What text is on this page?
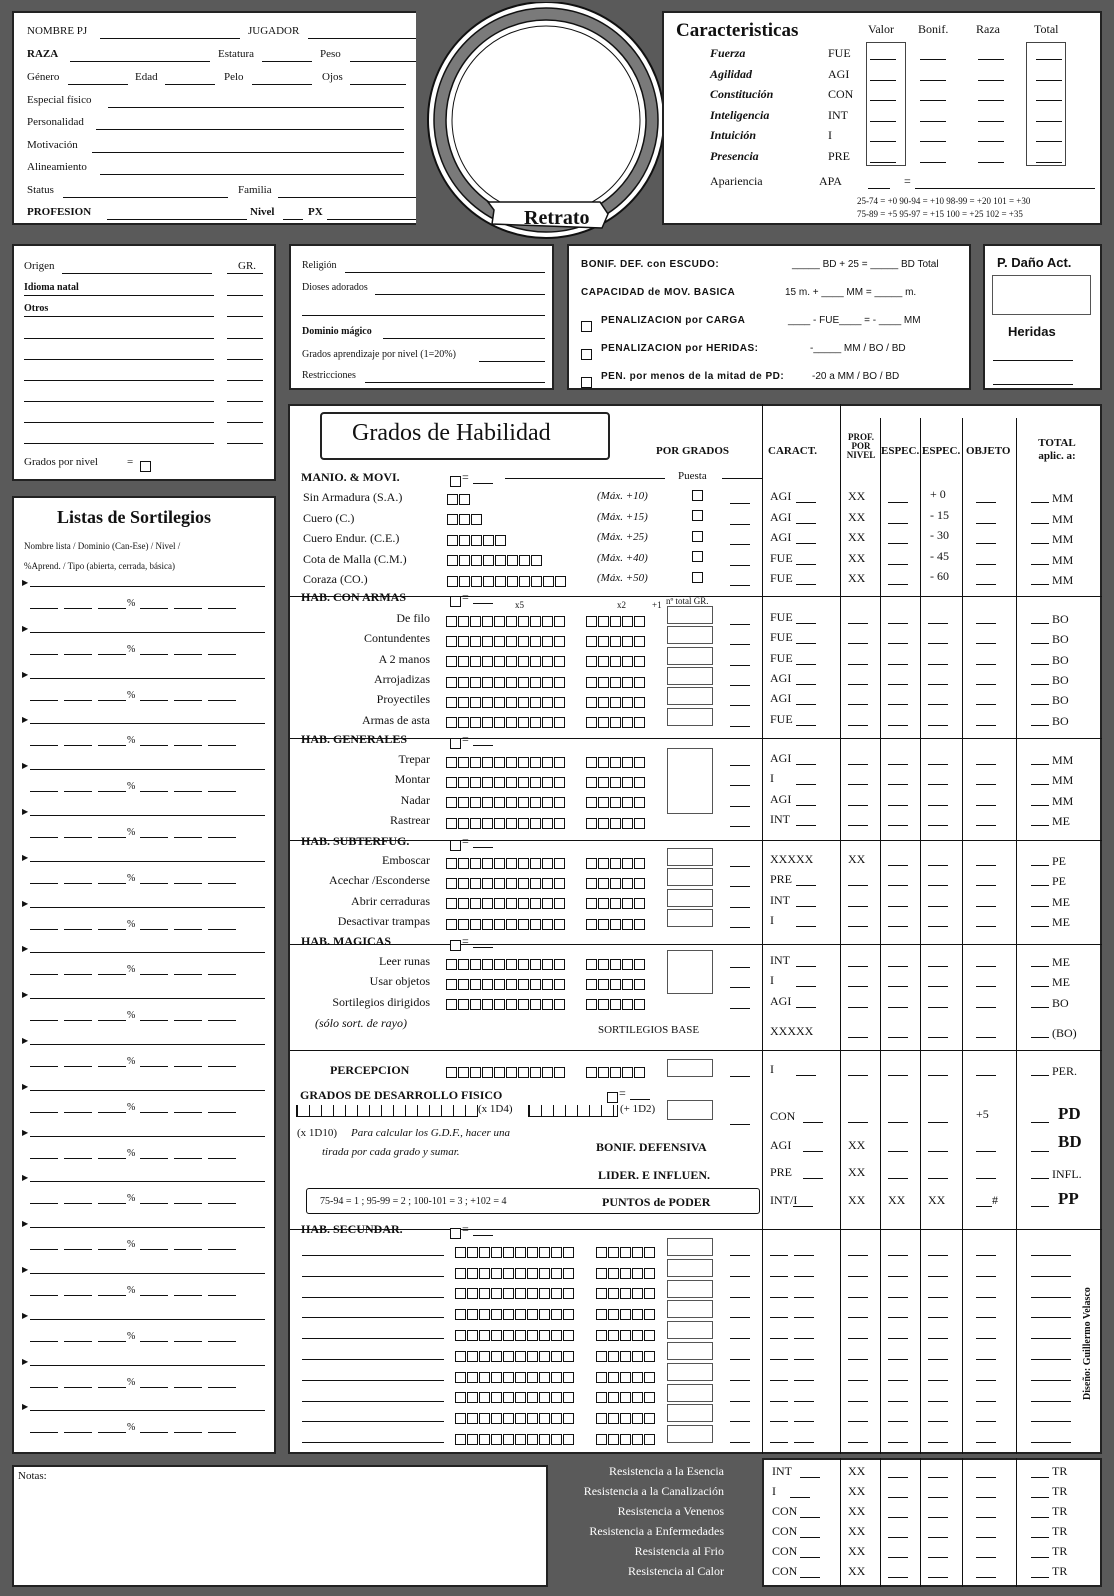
NOMBRE PJ	JUGADOR
RAZA	Estatura	Peso
Género	Edad	Pelo	Ojos
Especial físico
Personalidad
Motivación
Alineamiento
Status	Familia
PROFESION	Nivel	PX	Retrato
Caracteristicas	Valor Bonif. Raza	Total
Fuerza	FUE
Agilidad	AGI
Constitución	CON
Inteligencia	INT
Intuición	I
Presencia	PRE
Apariencia	APA	=
25-74 = +0 90-94 = +10 98-99 = +20 101 = +30
75-89 = +5 95-97 = +15 100 = +25 102 = +35
Origen	GR.
Idioma natal
Otros
Grados por nivel	=
Religión
Dioses adorados
Dominio mágico
Grados aprendizaje por nivel (1=20%)
Restricciones
BONIF. DEF. con ESCUDO:	_____ BD + 25 = _____ BD Total
CAPACIDAD de MOV. BASICA	15 m. + ____ MM = _____ m.
PENALIZACION por CARGA	____ - FUE____ = - ____ MM
PENALIZACION por HERIDAS:	-_____ MM / BO / BD
PEN. por menos de la mitad de PD:	-20 a MM / BO / BD
P. Daño Act.
Heridas
Listas de Sortilegios
Nombre lista / Dominio (Can-Ese) / Nivel /
%Aprend. / Tipo (abierta, cerrada, básica)
▶
%
▶
%
▶
%
▶
%
▶
%
▶
%
▶
%
▶
%
▶
%
▶
%
▶
%
▶
%
▶
%
▶
%
▶
%
▶
%
▶
%
▶
%
▶
%
Grados de Habilidad
POR GRADOS	CARACT.
PROF. POR NIVEL ESPEC. ESPEC. OBJETO
TOTAL aplic. a:
MANIO. & MOVI.	=	Puesta
Sin Armadura (S.A.)	(Máx. +10)	AGI	XX	+ 0	MM
Cuero (C.)	(Máx. +15)	AGI	XX	- 15	MM
Cuero Endur. (C.E.)	(Máx. +25)	AGI	XX	- 30	MM
Cota de Malla (C.M.)	(Máx. +40)	FUE	XX	- 45	MM
Coraza (CO.)	(Máx. +50)	FUE	XX	- 60	MM
HAB. CON ARMAS	=
x5	x2	+1 nº total GR.
De filo	FUE	BO
Contundentes	FUE	BO
A 2 manos	FUE	BO
Arrojadizas	AGI	BO
Proyectiles	AGI	BO
Armas de asta	FUE	BO
HAB. GENERALES	=
Trepar	AGI	MM
Montar	I	MM
Nadar	AGI	MM
Rastrear	INT	ME
HAB. SUBTERFUG.	=
Emboscar	XXXXX	XX	PE
Acechar /Esconderse	PRE	PE
Abrir cerraduras	INT	ME
Desactivar trampas	I	ME
HAB. MAGICAS	=
Leer runas	INT	ME
Usar objetos	I	ME
Sortilegios dirigidos	AGI	BO
(sólo sort. de rayo)	SORTILEGIOS BASE	XXXXX	(BO)
PERCEPCION	I	PER.
GRADOS DE DESARROLLO FISICO	=
(x 1D4)	(+ 1D2)
(x 1D10) Para calcular los G.D.F., hacer una
tirada por cada grado y sumar.
CON	+5	PD
BONIF. DEFENSIVA	AGI	XX	BD
LIDER. E INFLUEN.	PRE	XX	INFL.
75-94 = 1 ; 95-99 = 2 ; 100-101 = 3 ; +102 = 4	PUNTOS de PODER	INT/I	XX XX XX	#	PP
HAB. SECUNDAR.	=
Diseño: Guillermo Velasco
Notas:	Resistencia a la Esencia	INT	XX	TR
Resistencia a la Canalización	I	XX	TR
Resistencia a Venenos	CON	XX	TR
Resistencia a Enfermedades	CON	XX	TR
Resistencia al Frio	CON	XX	TR
Resistencia al Calor	CON	XX	TR
